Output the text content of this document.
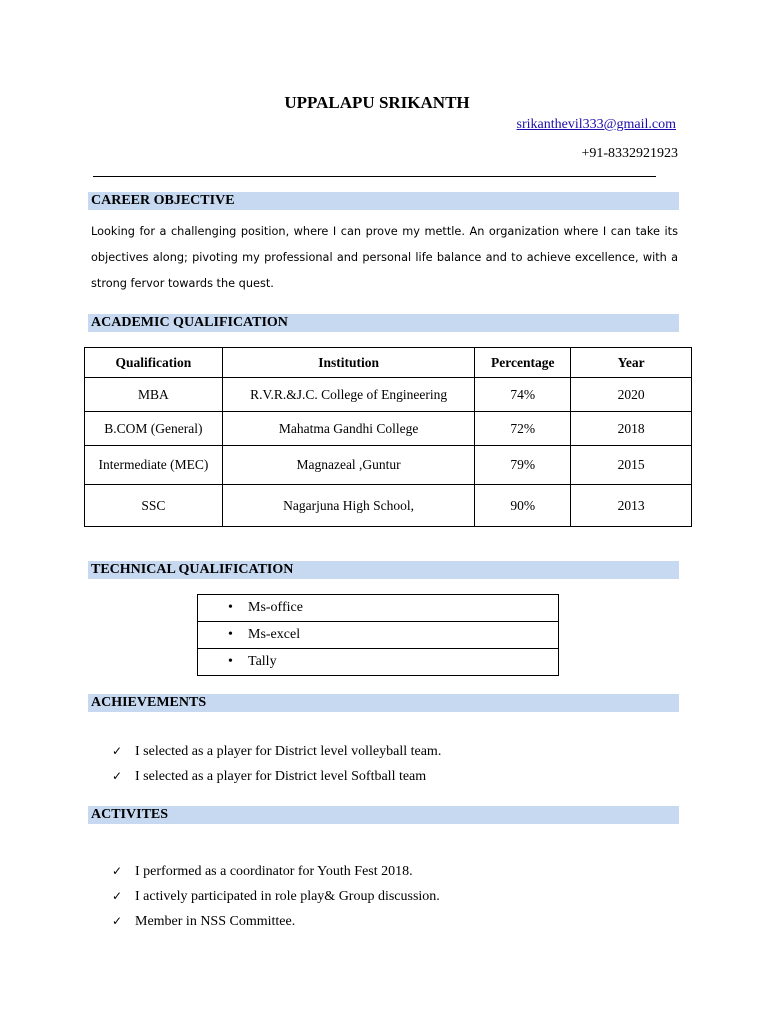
UPPALAPU SRIKANTH
srikanthevil333@gmail.com
+91-8332921923
CAREER OBJECTIVE
Looking for a challenging position, where I can prove my mettle. An organization where I can take its objectives along; pivoting my professional and personal life balance and to achieve excellence, with a strong fervor towards the quest.
ACADEMIC QUALIFICATION
Qualification	Institution	Percentage	Year
MBA	R.V.R.&J.C. College of Engineering	74%	2020
B.COM (General)	Mahatma Gandhi College	72%	2018
Intermediate (MEC)	Magnazeal ,Guntur	79%	2015
SSC	Nagarjuna High School,	90%	2013
TECHNICAL QUALIFICATION
• Ms-office
• Ms-excel
• Tally
ACHIEVEMENTS
✓ I selected as a player for District level volleyball team.
✓ I selected as a player for District level Softball team
ACTIVITES
✓ I performed as a coordinator for Youth Fest 2018.
✓ I actively participated in role play& Group discussion.
✓ Member in NSS Committee.
